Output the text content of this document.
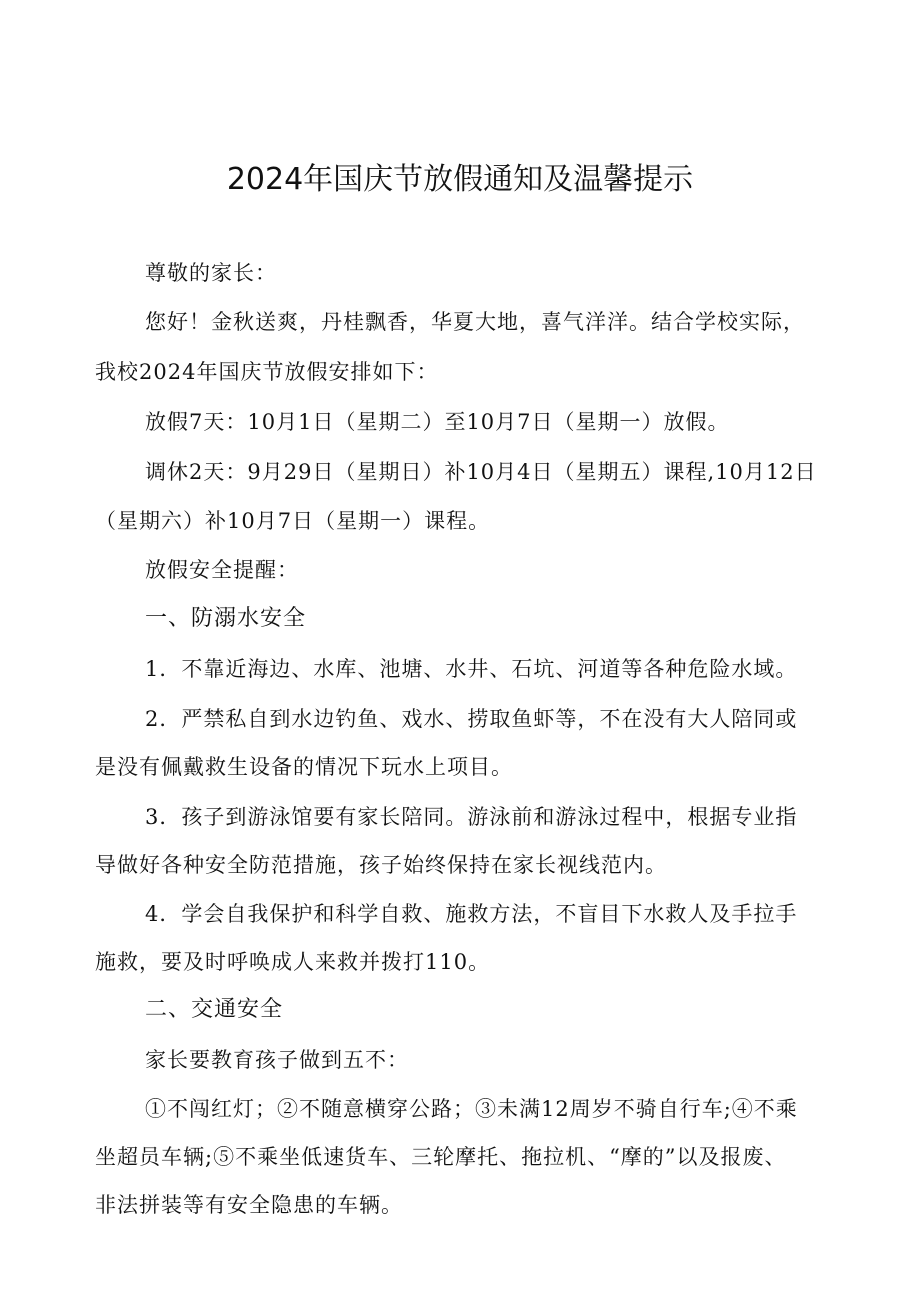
2024年国庆节放假通知及温馨提示
尊敬的家长：
您好！金秋送爽，丹桂飘香，华夏大地，喜气洋洋。结合学校实际，
我校2024年国庆节放假安排如下：
放假7天：10月1日（星期二）至10月7日（星期一）放假。
调休2天：9月29日（星期日）补10月4日（星期五）课程,10月12日
（星期六）补10月7日（星期一）课程。
放假安全提醒：
一、防溺水安全
1．不靠近海边、水库、池塘、水井、石坑、河道等各种危险水域。
2．严禁私自到水边钓鱼、戏水、捞取鱼虾等，不在没有大人陪同或
是没有佩戴救生设备的情况下玩水上项目。
3．孩子到游泳馆要有家长陪同。游泳前和游泳过程中，根据专业指
导做好各种安全防范措施，孩子始终保持在家长视线范内。
4．学会自我保护和科学自救、施救方法，不盲目下水救人及手拉手
施救，要及时呼唤成人来救并拨打110。
二、交通安全
家长要教育孩子做到五不：
①不闯红灯；②不随意横穿公路；③未满12周岁不骑自行车;④不乘
坐超员车辆;⑤不乘坐低速货车、三轮摩托、拖拉机、“摩的”以及报废、
非法拼装等有安全隐患的车辆。
